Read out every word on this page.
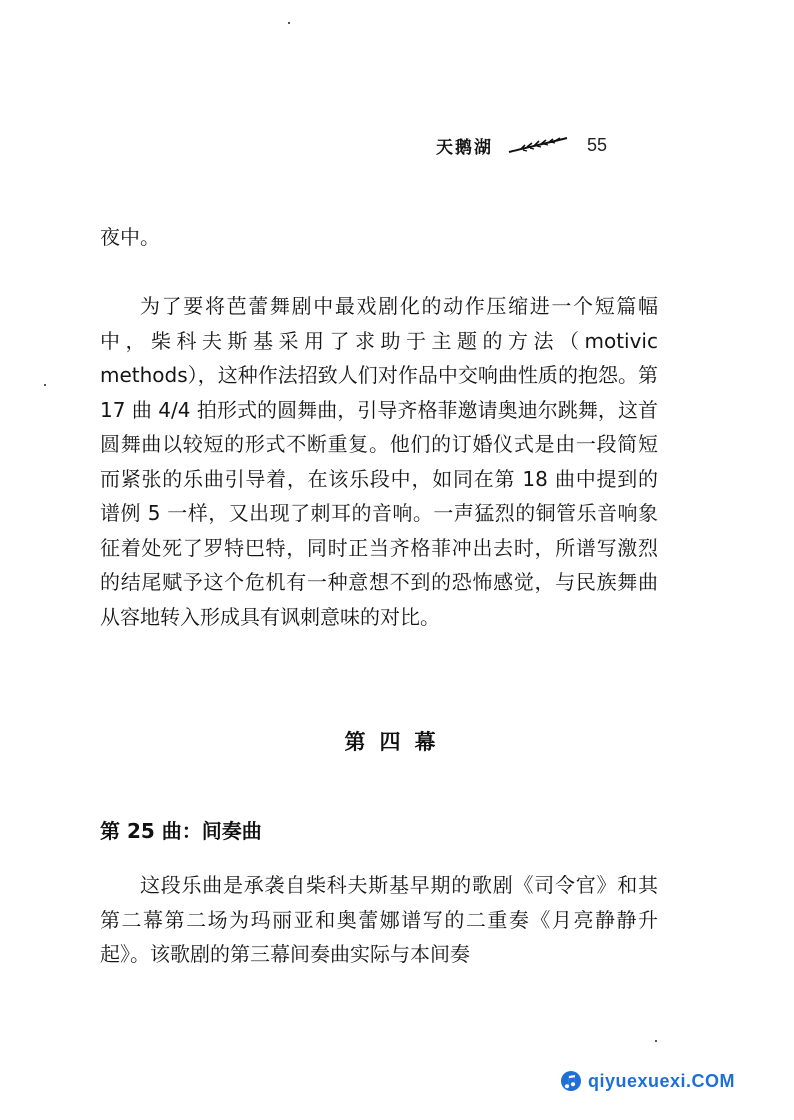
天鹅湖	55

夜中。

为了要将芭蕾舞剧中最戏剧化的动作压缩进一个短篇幅中，柴科夫斯基采用了求助于主题的方法（motivic methods），这种作法招致人们对作品中交响曲性质的抱怨。第 17 曲 4/4 拍形式的圆舞曲，引导齐格菲邀请奥迪尔跳舞，这首圆舞曲以较短的形式不断重复。他们的订婚仪式是由一段简短而紧张的乐曲引导着，在该乐段中，如同在第 18 曲中提到的谱例 5 一样，又出现了刺耳的音响。一声猛烈的铜管乐音响象征着处死了罗特巴特，同时正当齐格菲冲出去时，所谱写激烈的结尾赋予这个危机有一种意想不到的恐怖感觉，与民族舞曲从容地转入形成具有讽刺意味的对比。

第四幕
第 25 曲：间奏曲

这段乐曲是承袭自柴科夫斯基早期的歌剧《司令官》和其第二幕第二场为玛丽亚和奥蕾娜谱写的二重奏《月亮静静升起》。该歌剧的第三幕间奏曲实际与本间奏

qiyuexuexi.COM
